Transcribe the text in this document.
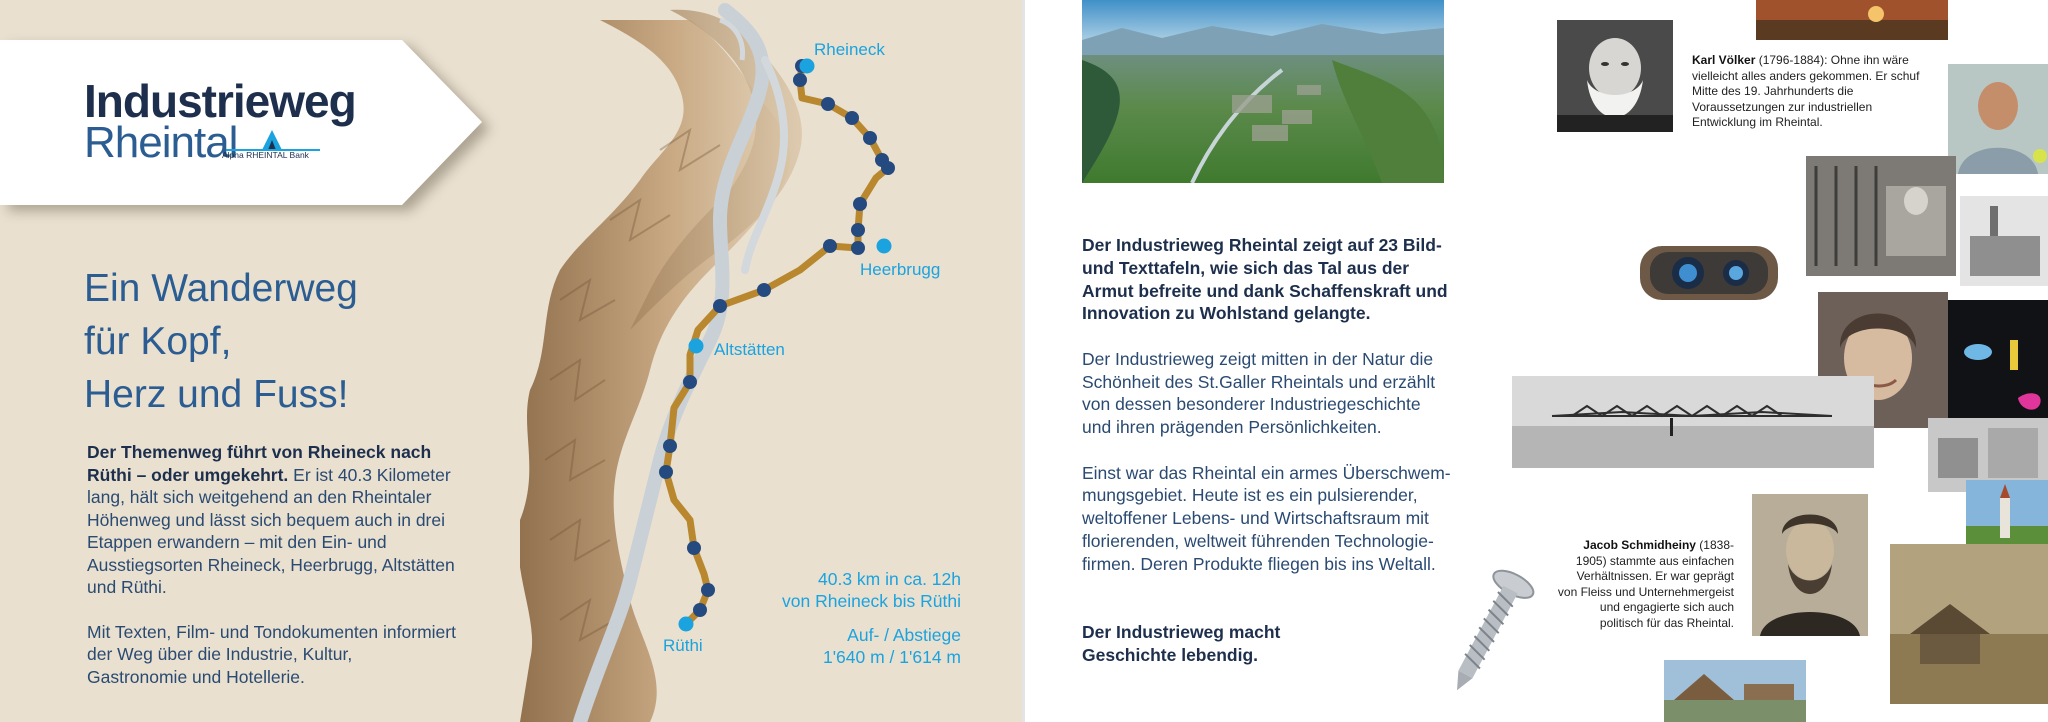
Rheineck
Heerbrugg
Altstätten
Rüthi
40.3 km in ca. 12h
von Rheineck bis Rüthi
Auf- / Abstiege
1'640 m / 1'614 m
Industrieweg
Rheintal
Alpha RHEINTAL Bank
Ein Wanderweg
für Kopf,
Herz und Fuss!

Der Themenweg führt von Rheineck nach Rüthi – oder umgekehrt. Er ist 40.3 Kilometer lang, hält sich weitgehend an den Rheintaler Höhenweg und lässt sich bequem auch in drei Etappen erwandern – mit den Ein- und Ausstiegsorten Rheineck, Heerbrugg, Altstätten und Rüthi.

Mit Texten, Film- und Tondokumenten informiert der Weg über die Industrie, Kultur, Gastronomie und Hotellerie.

Der Industrieweg Rheintal zeigt auf 23 Bild- und Texttafeln, wie sich das Tal aus der Armut befreite und dank Schaffenskraft und Innovation zu Wohlstand gelangte.

Der Industrieweg zeigt mitten in der Natur die Schönheit des St.Galler Rheintals und erzählt von dessen besonderer Industriegeschichte und ihren prägenden Persönlichkeiten.

Einst war das Rheintal ein armes Überschwemmungsgebiet. Heute ist es ein pulsierender, weltoffener Lebens- und Wirtschaftsraum mit florierenden, weltweit führenden Technologiefirmen. Deren Produkte fliegen bis ins Weltall.

Der Industrieweg macht
Geschichte lebendig.
Karl Völker (1796-1884): Ohne ihn wäre vielleicht alles anders gekommen. Er schuf Mitte des 19. Jahrhunderts die Voraussetzungen zur industriellen Entwicklung im Rheintal.
Jacob Schmidheiny (1838-1905) stammte aus einfachen Verhältnissen. Er war geprägt von Fleiss und Unternehmergeist und engagierte sich auch politisch für das Rheintal.
